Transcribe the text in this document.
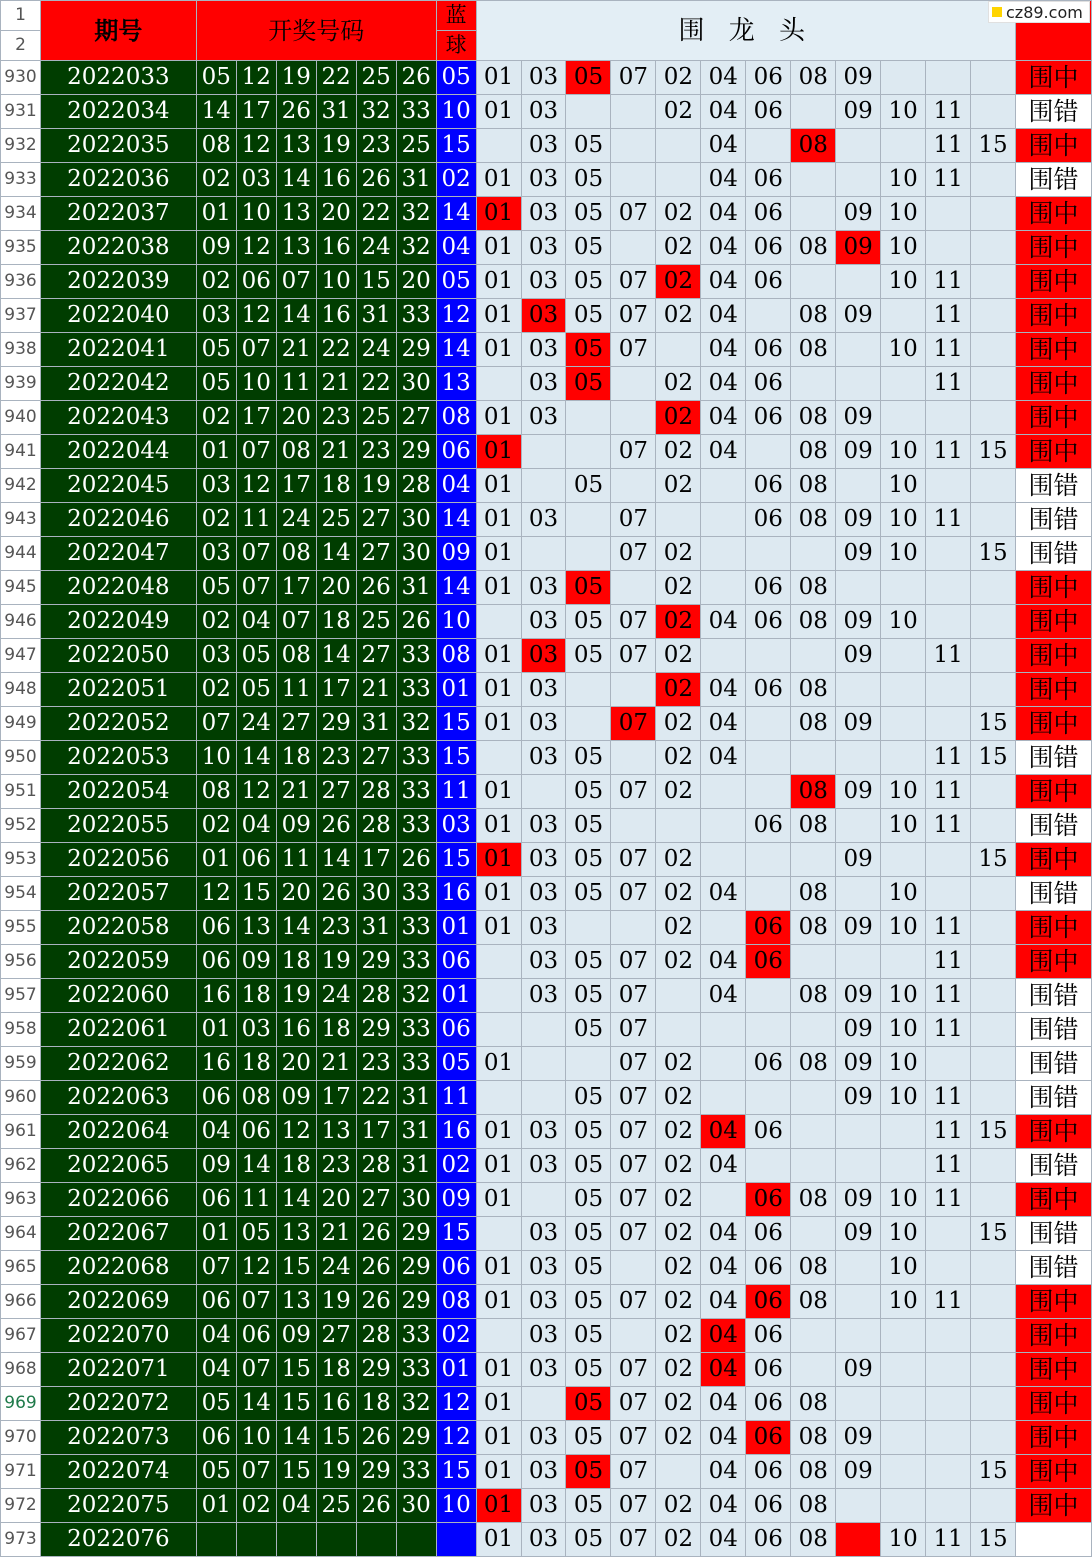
1	期号	开奖号码						蓝	围 龙 头												
2								球													
930	2022033	05	12	19	22	25	26	05	01	03	05	07	02	04	06	08	09				围中
931	2022034	14	17	26	31	32	33	10	01	03			02	04	06		09	10	11		围错
932	2022035	08	12	13	19	23	25	15		03	05			04		08			11	15	围中
933	2022036	02	03	14	16	26	31	02	01	03	05			04	06			10	11		围错
934	2022037	01	10	13	20	22	32	14	01	03	05	07	02	04	06		09	10			围中
935	2022038	09	12	13	16	24	32	04	01	03	05		02	04	06	08	09	10			围中
936	2022039	02	06	07	10	15	20	05	01	03	05	07	02	04	06			10	11		围中
937	2022040	03	12	14	16	31	33	12	01	03	05	07	02	04		08	09		11		围中
938	2022041	05	07	21	22	24	29	14	01	03	05	07		04	06	08		10	11		围中
939	2022042	05	10	11	21	22	30	13		03	05		02	04	06				11		围中
940	2022043	02	17	20	23	25	27	08	01	03			02	04	06	08	09				围中
941	2022044	01	07	08	21	23	29	06	01			07	02	04		08	09	10	11	15	围中
942	2022045	03	12	17	18	19	28	04	01		05		02		06	08		10			围错
943	2022046	02	11	24	25	27	30	14	01	03		07			06	08	09	10	11		围错
944	2022047	03	07	08	14	27	30	09	01			07	02				09	10		15	围错
945	2022048	05	07	17	20	26	31	14	01	03	05		02		06	08					围中
946	2022049	02	04	07	18	25	26	10		03	05	07	02	04	06	08	09	10			围中
947	2022050	03	05	08	14	27	33	08	01	03	05	07	02				09		11		围中
948	2022051	02	05	11	17	21	33	01	01	03			02	04	06	08					围中
949	2022052	07	24	27	29	31	32	15	01	03		07	02	04		08	09			15	围中
950	2022053	10	14	18	23	27	33	15		03	05		02	04					11	15	围错
951	2022054	08	12	21	27	28	33	11	01		05	07	02			08	09	10	11		围中
952	2022055	02	04	09	26	28	33	03	01	03	05				06	08		10	11		围错
953	2022056	01	06	11	14	17	26	15	01	03	05	07	02				09			15	围中
954	2022057	12	15	20	26	30	33	16	01	03	05	07	02	04		08		10			围错
955	2022058	06	13	14	23	31	33	01	01	03			02		06	08	09	10	11		围中
956	2022059	06	09	18	19	29	33	06		03	05	07	02	04	06				11		围中
957	2022060	16	18	19	24	28	32	01		03	05	07		04		08	09	10	11		围错
958	2022061	01	03	16	18	29	33	06			05	07					09	10	11		围错
959	2022062	16	18	20	21	23	33	05	01			07	02		06	08	09	10			围错
960	2022063	06	08	09	17	22	31	11			05	07	02				09	10	11		围错
961	2022064	04	06	12	13	17	31	16	01	03	05	07	02	04	06				11	15	围中
962	2022065	09	14	18	23	28	31	02	01	03	05	07	02	04					11		围错
963	2022066	06	11	14	20	27	30	09	01		05	07	02		06	08	09	10	11		围中
964	2022067	01	05	13	21	26	29	15		03	05	07	02	04	06		09	10		15	围错
965	2022068	07	12	15	24	26	29	06	01	03	05		02	04	06	08		10			围错
966	2022069	06	07	13	19	26	29	08	01	03	05	07	02	04	06	08		10	11		围中
967	2022070	04	06	09	27	28	33	02		03	05		02	04	06						围中
968	2022071	04	07	15	18	29	33	01	01	03	05	07	02	04	06		09				围中
969	2022072	05	14	15	16	18	32	12	01		05	07	02	04	06	08					围中
970	2022073	06	10	14	15	26	29	12	01	03	05	07	02	04	06	08	09				围中
971	2022074	05	07	15	19	29	33	15	01	03	05	07		04	06	08	09			15	围中
972	2022075	01	02	04	25	26	30	10	01	03	05	07	02	04	06	08					围中
973	2022076								01	03	05	07	02	04	06	08		10	11	15	
cz89.com
